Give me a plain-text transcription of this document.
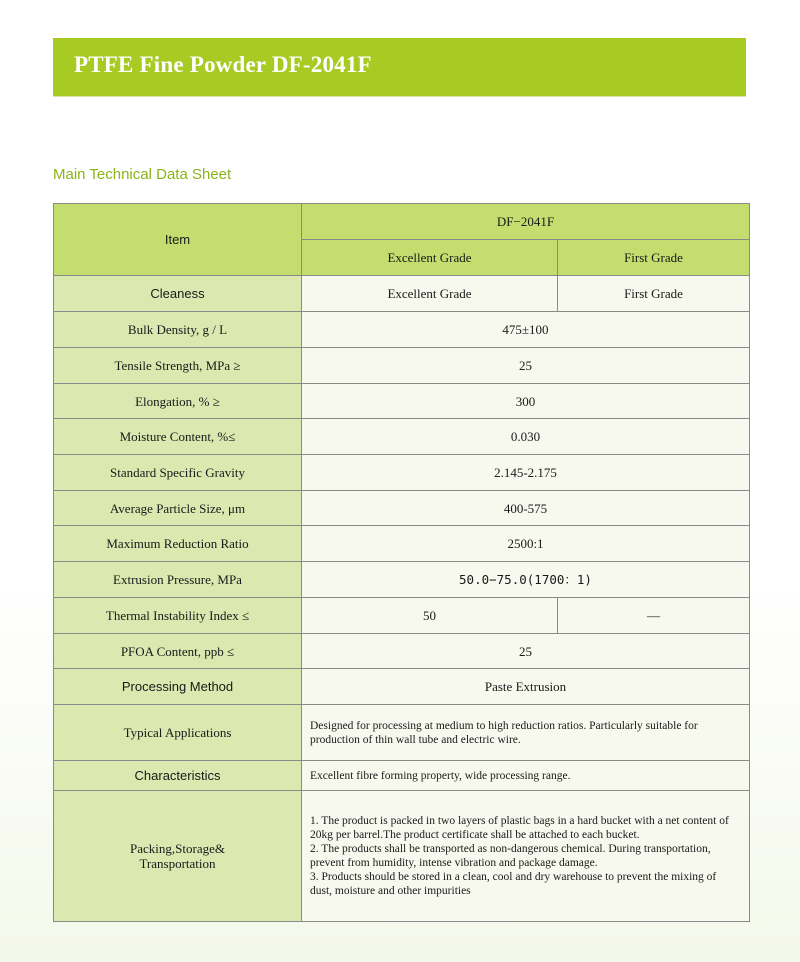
PTFE Fine Powder DF-2041F
Main Technical Data Sheet
Item	DF−2041F	
	Excellent Grade	First Grade
Cleaness	Excellent Grade	First Grade
Bulk Density, g / L	475±100	
Tensile Strength, MPa ≥	25	
Elongation, % ≥	300	
Moisture Content, %≤	0.030	
Standard Specific Gravity	2.145-2.175	
Average Particle Size, μm	400-575	
Maximum Reduction Ratio	2500:1	
Extrusion Pressure, MPa	50.0−75.0(1700：1)	
Thermal Instability Index ≤	50	—
PFOA Content, ppb ≤	25	
Processing Method	Paste Extrusion	
Typical Applications	Designed for processing at medium to high reduction ratios. Particularly suitable for production of thin wall tube and electric wire.	
Characteristics	Excellent fibre forming property, wide processing range.	
Packing,Storage& Transportation	1. The product is packed in two layers of plastic bags in a hard bucket with a net content of 20kg per barrel.The product certificate shall be attached to each bucket.
2. The products shall be transported as non-dangerous chemical. During transportation, prevent from humidity, intense vibration and package damage.
3. Products should be stored in a clean, cool and dry warehouse to prevent the mixing of dust, moisture and other impurities	
